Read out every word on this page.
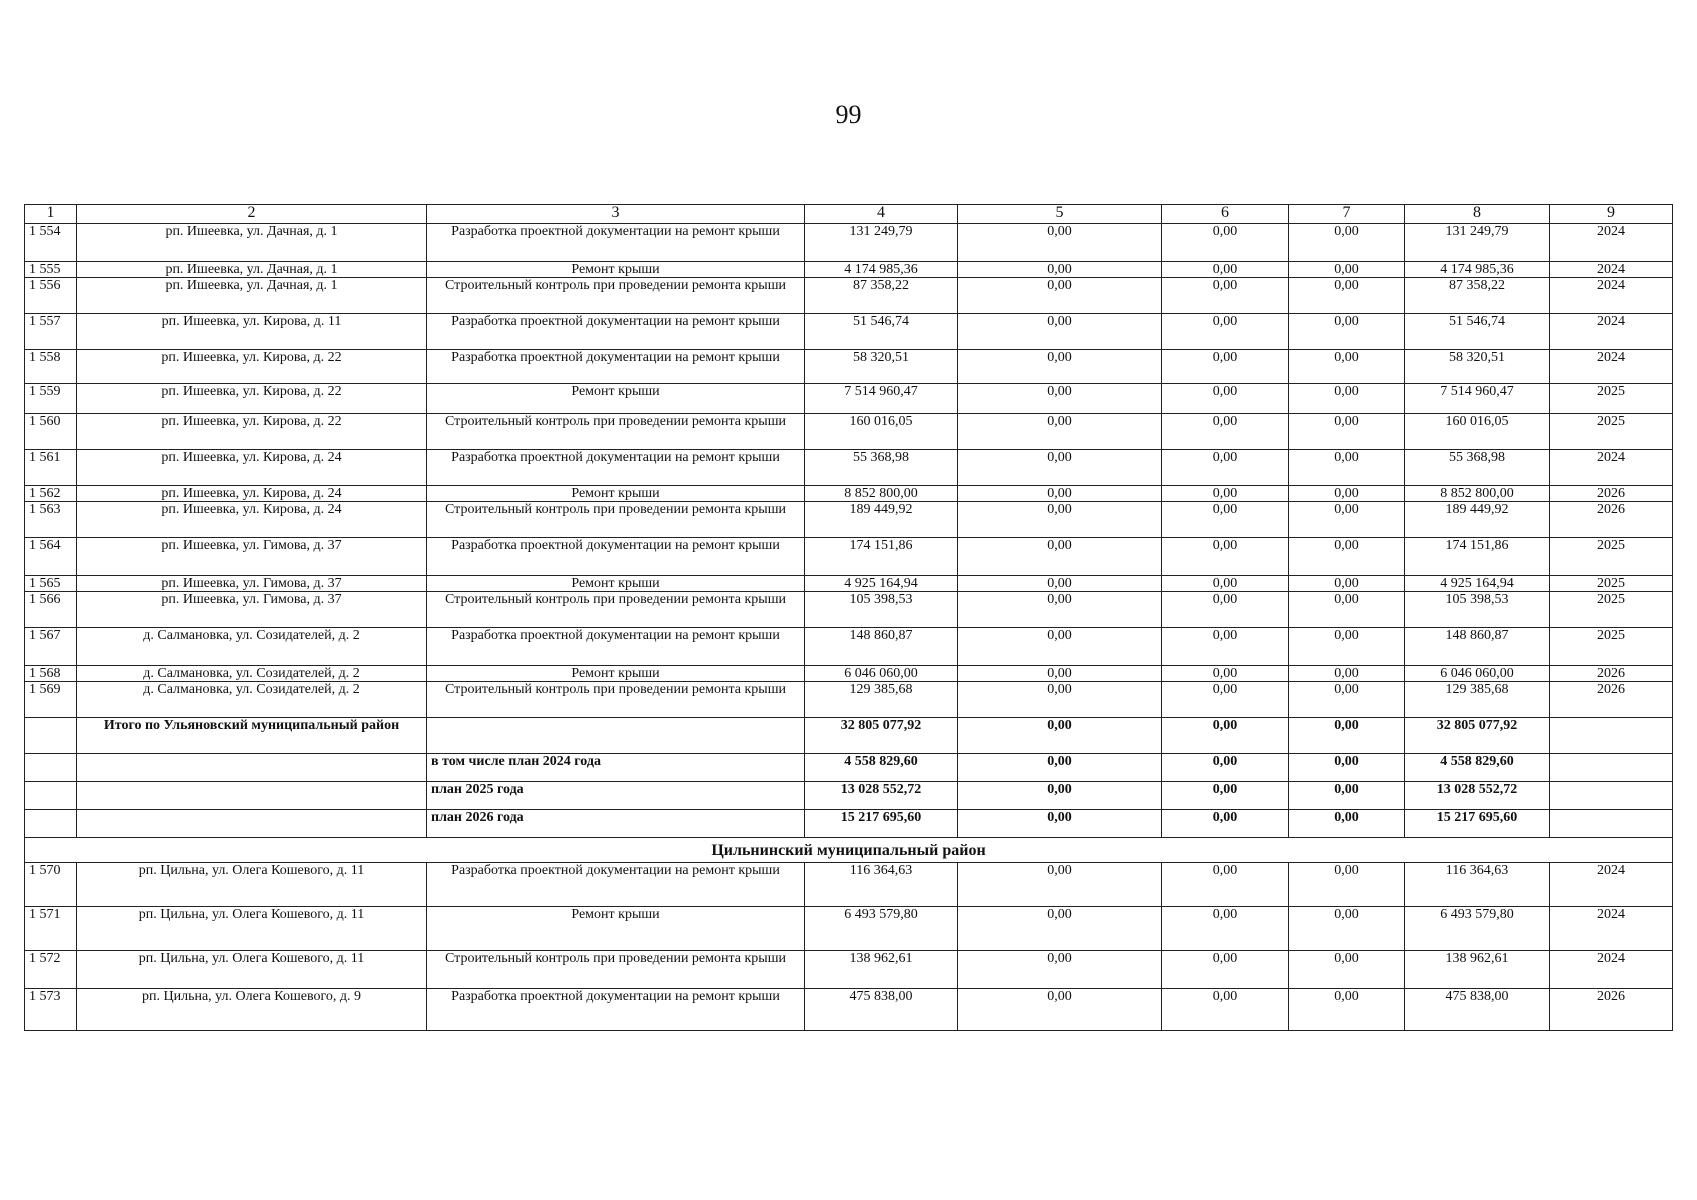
99
1	2	3	4	5	6	7	8	9
1 554	рп. Ишеевка, ул. Дачная, д. 1	Разработка проектной документации на ремонт крыши	131 249,79	0,00	0,00	0,00	131 249,79	2024
1 555	рп. Ишеевка, ул. Дачная, д. 1	Ремонт крыши	4 174 985,36	0,00	0,00	0,00	4 174 985,36	2024
1 556	рп. Ишеевка, ул. Дачная, д. 1	Строительный контроль при проведении ремонта крыши	87 358,22	0,00	0,00	0,00	87 358,22	2024
1 557	рп. Ишеевка, ул. Кирова, д. 11	Разработка проектной документации на ремонт крыши	51 546,74	0,00	0,00	0,00	51 546,74	2024
1 558	рп. Ишеевка, ул. Кирова, д. 22	Разработка проектной документации на ремонт крыши	58 320,51	0,00	0,00	0,00	58 320,51	2024
1 559	рп. Ишеевка, ул. Кирова, д. 22	Ремонт крыши	7 514 960,47	0,00	0,00	0,00	7 514 960,47	2025
1 560	рп. Ишеевка, ул. Кирова, д. 22	Строительный контроль при проведении ремонта крыши	160 016,05	0,00	0,00	0,00	160 016,05	2025
1 561	рп. Ишеевка, ул. Кирова, д. 24	Разработка проектной документации на ремонт крыши	55 368,98	0,00	0,00	0,00	55 368,98	2024
1 562	рп. Ишеевка, ул. Кирова, д. 24	Ремонт крыши	8 852 800,00	0,00	0,00	0,00	8 852 800,00	2026
1 563	рп. Ишеевка, ул. Кирова, д. 24	Строительный контроль при проведении ремонта крыши	189 449,92	0,00	0,00	0,00	189 449,92	2026
1 564	рп. Ишеевка, ул. Гимова, д. 37	Разработка проектной документации на ремонт крыши	174 151,86	0,00	0,00	0,00	174 151,86	2025
1 565	рп. Ишеевка, ул. Гимова, д. 37	Ремонт крыши	4 925 164,94	0,00	0,00	0,00	4 925 164,94	2025
1 566	рп. Ишеевка, ул. Гимова, д. 37	Строительный контроль при проведении ремонта крыши	105 398,53	0,00	0,00	0,00	105 398,53	2025
1 567	д. Салмановка, ул. Созидателей, д. 2	Разработка проектной документации на ремонт крыши	148 860,87	0,00	0,00	0,00	148 860,87	2025
1 568	д. Салмановка, ул. Созидателей, д. 2	Ремонт крыши	6 046 060,00	0,00	0,00	0,00	6 046 060,00	2026
1 569	д. Салмановка, ул. Созидателей, д. 2	Строительный контроль при проведении ремонта крыши	129 385,68	0,00	0,00	0,00	129 385,68	2026
	Итого по Ульяновский муниципальный район		32 805 077,92	0,00	0,00	0,00	32 805 077,92	
		в том числе план 2024 года	4 558 829,60	0,00	0,00	0,00	4 558 829,60	
		план 2025 года	13 028 552,72	0,00	0,00	0,00	13 028 552,72	
		план 2026 года	15 217 695,60	0,00	0,00	0,00	15 217 695,60	
Цильнинский муниципальный район								
1 570	рп. Цильна, ул. Олега Кошевого, д. 11	Разработка проектной документации на ремонт крыши	116 364,63	0,00	0,00	0,00	116 364,63	2024
1 571	рп. Цильна, ул. Олега Кошевого, д. 11	Ремонт крыши	6 493 579,80	0,00	0,00	0,00	6 493 579,80	2024
1 572	рп. Цильна, ул. Олега Кошевого, д. 11	Строительный контроль при проведении ремонта крыши	138 962,61	0,00	0,00	0,00	138 962,61	2024
1 573	рп. Цильна, ул. Олега Кошевого, д. 9	Разработка проектной документации на ремонт крыши	475 838,00	0,00	0,00	0,00	475 838,00	2026
